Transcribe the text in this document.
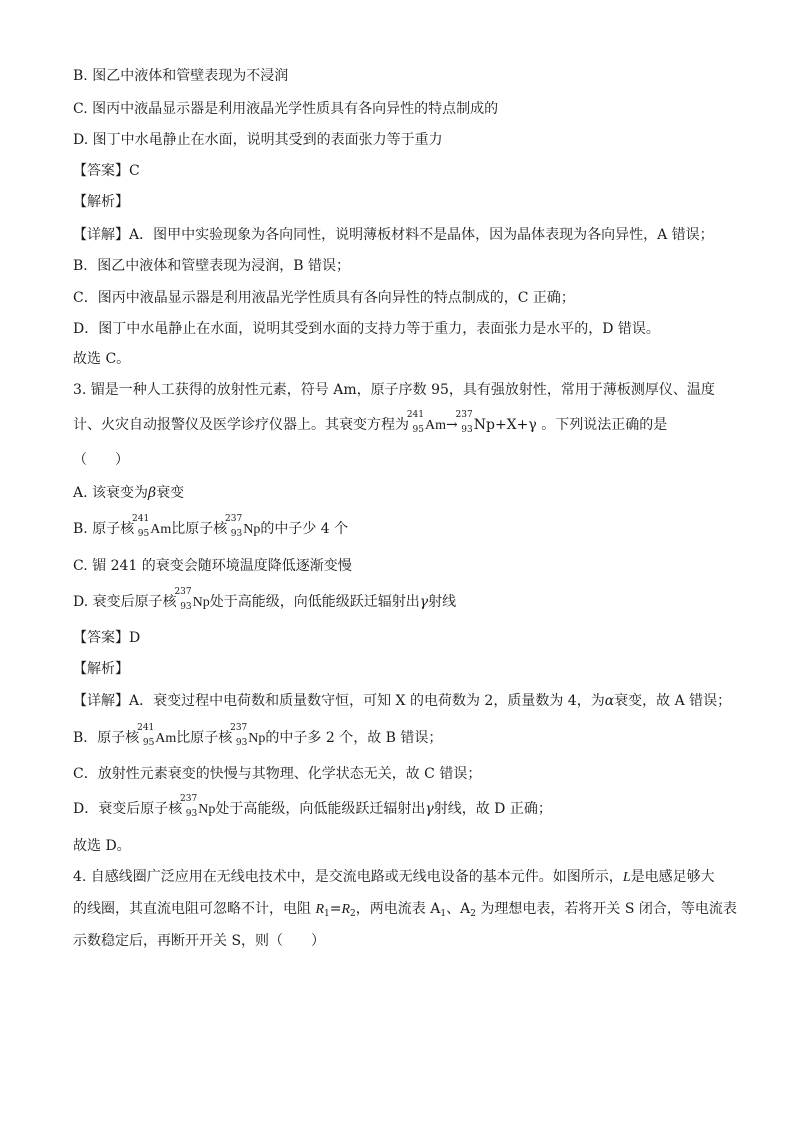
B. 图乙中液体和管壁表现为不浸润
C. 图丙中液晶显示器是利用液晶光学性质具有各向异性的特点制成的
D. 图丁中水黾静止在水面，说明其受到的表面张力等于重力
【答案】C
【解析】
【详解】A．图甲中实验现象为各向同性，说明薄板材料不是晶体，因为晶体表现为各向异性，A 错误；
B．图乙中液体和管壁表现为浸润，B 错误；
C．图丙中液晶显示器是利用液晶光学性质具有各向异性的特点制成的，C 正确；
D．图丁中水黾静止在水面，说明其受到水面的支持力等于重力，表面张力是水平的，D 错误。
故选 C。
3. 镅是一种人工获得的放射性元素，符号 Am，原子序数 95，具有强放射性，常用于薄板测厚仪、温度
计、火灾自动报警仪及医学诊疗仪器上。其衰变方程为
241
95 Am→
237
93 Np+X+γ 。下列说法正确的是
（　　）
A. 该衰变为β衰变
B. 原子核
241
95 Am比原子核
237
93 Np的中子少 4 个
C. 镅 241 的衰变会随环境温度降低逐渐变慢
D. 衰变后原子核
237
93 Np处于高能级，向低能级跃迁辐射出γ射线
【答案】D
【解析】
【详解】A．衰变过程中电荷数和质量数守恒，可知 X 的电荷数为 2，质量数为 4，为α衰变，故 A 错误；
B．原子核
241
95 Am比原子核
237
93 Np的中子多 2 个，故 B 错误；
C．放射性元素衰变的快慢与其物理、化学状态无关，故 C 错误；
D．衰变后原子核
237
93 Np处于高能级，向低能级跃迁辐射出γ射线，故 D 正确；
故选 D。
4. 自感线圈广泛应用在无线电技术中，是交流电路或无线电设备的基本元件。如图所示，L是电感足够大
的线圈，其直流电阻可忽略不计，电阻 $R_1=R_2$，两电流表 $A_1$、$A_2$ 为理想电表，若将开关 S 闭合，等电流表
示数稳定后，再断开开关 S，则（　　）
